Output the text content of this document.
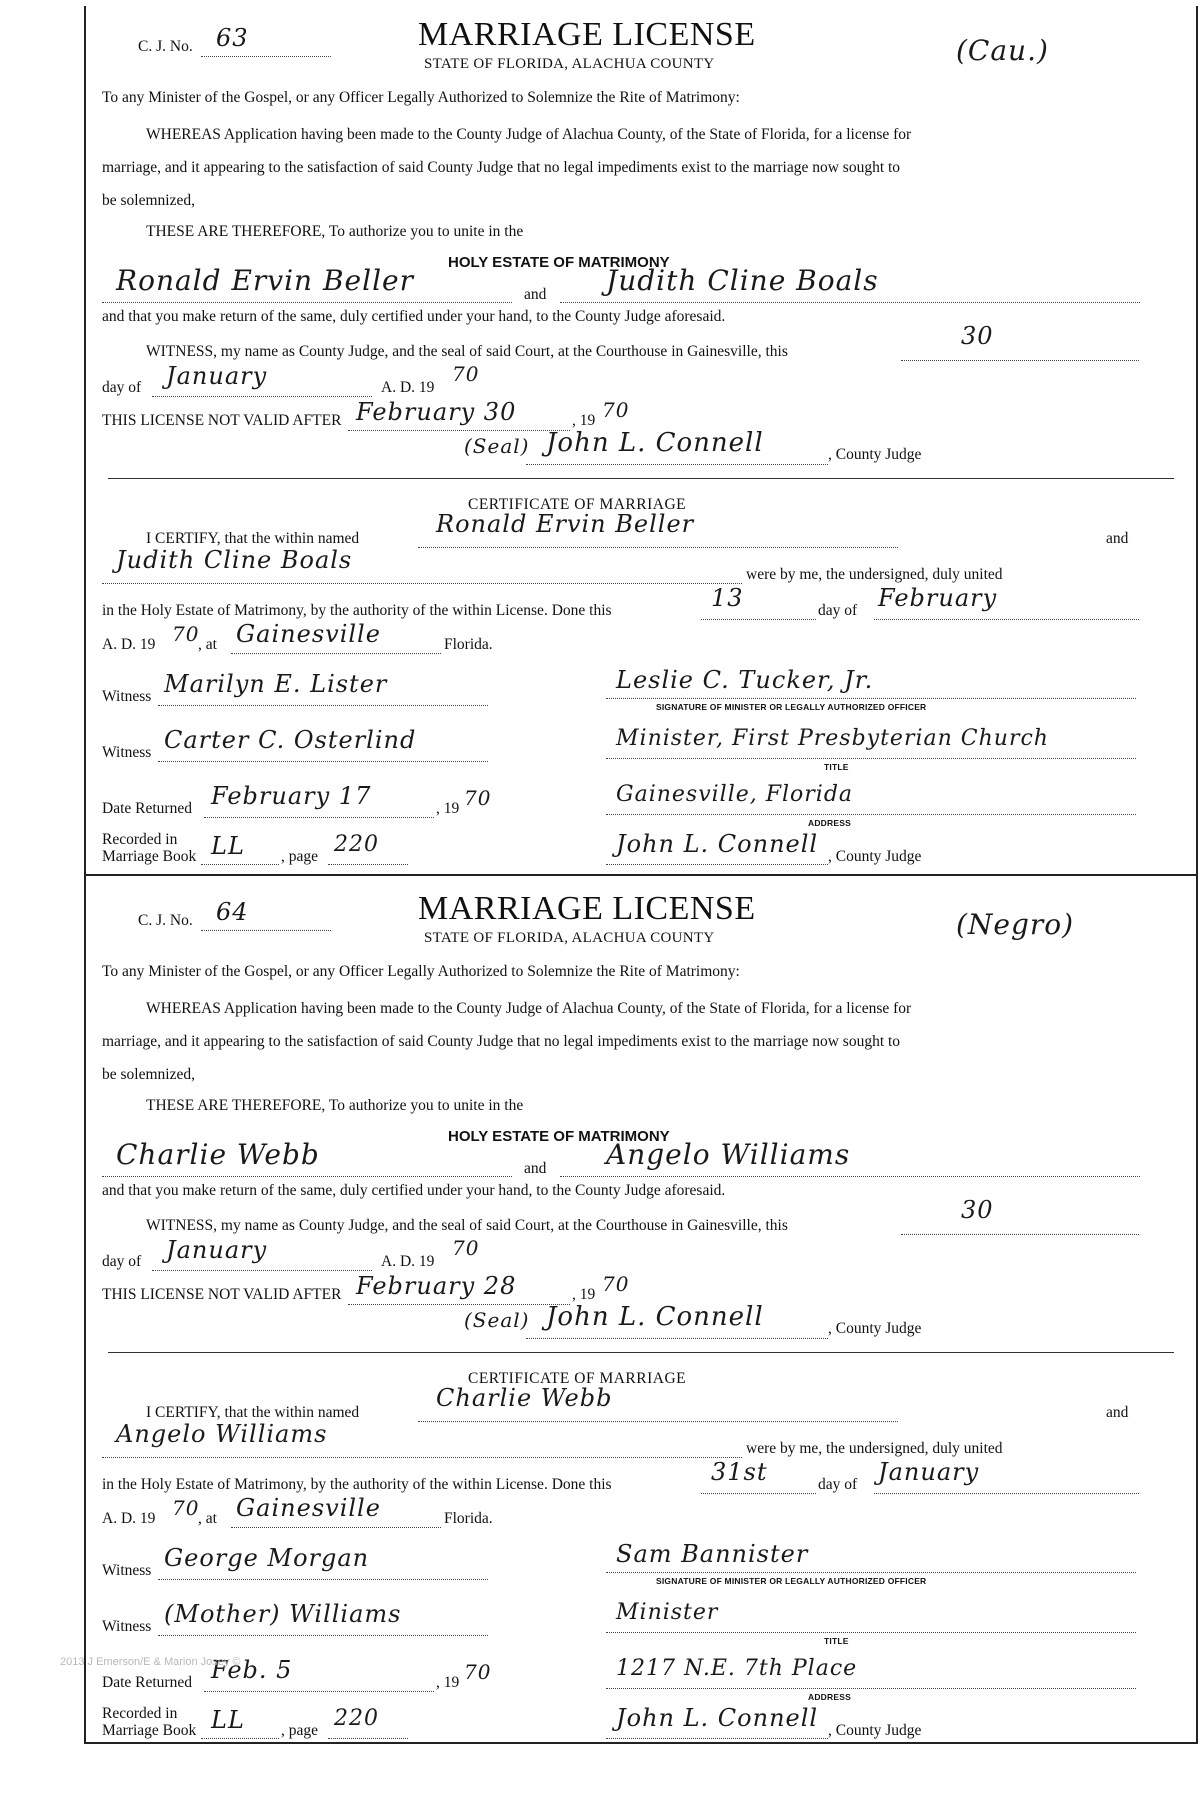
C. J. No. 63	MARRIAGE LICENSE
STATE OF FLORIDA, ALACHUA COUNTY	(Cau.)
To any Minister of the Gospel, or any Officer Legally Authorized to Solemnize the Rite of Matrimony:
WHEREAS Application having been made to the County Judge of Alachua County, of the State of Florida, for a license for
marriage, and it appearing to the satisfaction of said County Judge that no legal impediments exist to the marriage now sought to
be solemnized,
THESE ARE THEREFORE, To authorize you to unite in the
HOLY ESTATE OF MATRIMONY
Ronald Ervin Beller	and Judith Cline Boals
and that you make return of the same, duly certified under your hand, to the County Judge aforesaid.
WITNESS, my name as County Judge, and the seal of said Court, at the Courthouse in Gainesville, this
30
day of January	A. D. 19
70
THIS LICENSE NOT VALID AFTER February 30	, 19 70
(Seal) John L. Connell	, County Judge
CERTIFICATE OF MARRIAGE
I CERTIFY, that the within named
Ronald Ervin Beller
and
Judith Cline Boals
were by me, the undersigned, duly united
in the Holy Estate of Matrimony, by the authority of the within License. Done this	13	day of February
A. D. 19 70
, at Gainesville	Florida.
Witness Marilyn E. Lister	Leslie C. Tucker, Jr.
SIGNATURE OF MINISTER OR LEGALLY AUTHORIZED OFFICER
Witness Carter C. Osterlind	Minister, First Presbyterian Church
TITLE
Date Returned February 17	, 19 70	Gainesville, Florida
ADDRESS
Recorded in
Marriage Book LL , page 220	John L. Connell , County Judge
C. J. No. 64	MARRIAGE LICENSE
STATE OF FLORIDA, ALACHUA COUNTY	(Negro)
To any Minister of the Gospel, or any Officer Legally Authorized to Solemnize the Rite of Matrimony:
WHEREAS Application having been made to the County Judge of Alachua County, of the State of Florida, for a license for
marriage, and it appearing to the satisfaction of said County Judge that no legal impediments exist to the marriage now sought to
be solemnized,
THESE ARE THEREFORE, To authorize you to unite in the
HOLY ESTATE OF MATRIMONY
Charlie Webb	and Angelo Williams
and that you make return of the same, duly certified under your hand, to the County Judge aforesaid.
WITNESS, my name as County Judge, and the seal of said Court, at the Courthouse in Gainesville, this
30
day of January	A. D. 19
70
THIS LICENSE NOT VALID AFTER February 28	, 19 70
(Seal) John L. Connell	, County Judge
CERTIFICATE OF MARRIAGE
I CERTIFY, that the within named
Charlie Webb
and
Angelo Williams
were by me, the undersigned, duly united
in the Holy Estate of Matrimony, by the authority of the within License. Done this	31st	day of January
A. D. 19 70
, at Gainesville	Florida.
Witness George Morgan	Sam Bannister
SIGNATURE OF MINISTER OR LEGALLY AUTHORIZED OFFICER
Witness (Mother) Williams	Minister
TITLE
Date Returned Feb. 5	, 19 70	1217 N.E. 7th Place
ADDRESS
Recorded in
Marriage Book LL , page 220	John L. Connell , County Judge
2013 J Emerson/E & Marion Josey ©
